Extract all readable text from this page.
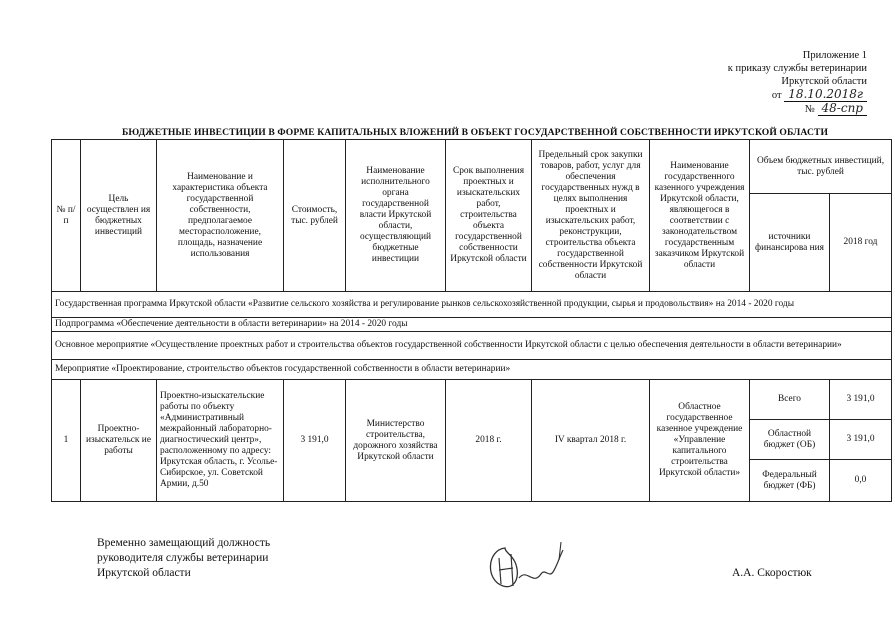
Приложение 1
к приказу службы ветеринарии
Иркутской области
от 18.10.2018г
№ 48-спр
БЮДЖЕТНЫЕ ИНВЕСТИЦИИ В ФОРМЕ КАПИТАЛЬНЫХ ВЛОЖЕНИЙ В ОБЪЕКТ ГОСУДАРСТВЕННОЙ СОБСТВЕННОСТИ ИРКУТСКОЙ ОБЛАСТИ
№ п/п	Цель осуществлен ия бюджетных инвестиций	Наименование и характеристика объекта государственной собственности, предполагаемое месторасположение, площадь, назначение использования	Стоимость, тыс. рублей	Наименование исполнительного органа государственной власти Иркутской области, осуществляющий бюджетные инвестиции	Срок выполнения проектных и изыскательских работ, строительства объекта государственной собственности Иркутской области	Предельный срок закупки товаров, работ, услуг для обеспечения государственных нужд в целях выполнения проектных и изыскательских работ, реконструкции, строительства объекта государственной собственности Иркутской области	Наименование государственного казенного учреждения Иркутской области, являющегося в соответствии с законодательством государственным заказчиком Иркутской области	Объем бюджетных инвестиций, тыс. рублей	
								источники финансирова ния	2018 год
Государственная программа Иркутской области «Развитие сельского хозяйства и регулирование рынков сельскохозяйственной продукции, сырья и продовольствия» на 2014 - 2020 годы									
Подпрограмма «Обеспечение деятельности в области ветеринарии» на 2014 - 2020 годы									
Основное мероприятие «Осуществление проектных работ и строительства объектов государственной собственности Иркутской области с целью обеспечения деятельности в области ветеринарии»									
Мероприятие «Проектирование, строительство объектов государственной собственности в области ветеринарии»									
1	Проектно-изыскательск ие работы	Проектно-изыскательские работы по объекту «Административный межрайонный лабораторно-диагностический центр», расположенному по адресу: Иркутская область, г. Усолье-Сибирское, ул. Советской Армии, д.50	3 191,0	Министерство строительства, дорожного хозяйства Иркутской области	2018 г.	IV квартал 2018 г.	Областное государственное казенное учреждение «Управление капитального строительства Иркутской области»	Всего	3 191,0
								Областной бюджет (ОБ)	3 191,0
								Федеральный бюджет (ФБ)	0,0
Временно замещающий должность
руководителя службы ветеринарии
Иркутской области	А.А. Скоростюк
